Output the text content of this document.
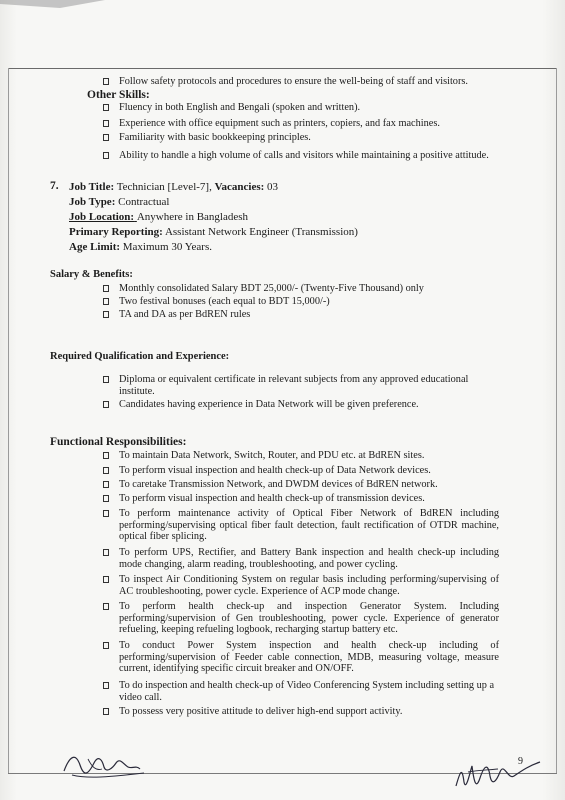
Follow safety protocols and procedures to ensure the well-being of staff and visitors.
Other Skills:
Fluency in both English and Bengali (spoken and written).
Experience with office equipment such as printers, copiers, and fax machines.
Familiarity with basic bookkeeping principles.
Ability to handle a high volume of calls and visitors while maintaining a positive attitude.
7. Job Title: Technician [Level-7], Vacancies: 03
Job Type: Contractual
Job Location: Anywhere in Bangladesh
Primary Reporting: Assistant Network Engineer (Transmission)
Age Limit: Maximum 30 Years.
Salary & Benefits:
Monthly consolidated Salary BDT 25,000/- (Twenty-Five Thousand) only
Two festival bonuses (each equal to BDT 15,000/-)
TA and DA as per BdREN rules
Required Qualification and Experience:
Diploma or equivalent certificate in relevant subjects from any approved educational institute.
Candidates having experience in Data Network will be given preference.
Functional Responsibilities:
To maintain Data Network, Switch, Router, and PDU etc. at BdREN sites.
To perform visual inspection and health check-up of Data Network devices.
To caretake Transmission Network, and DWDM devices of BdREN network.
To perform visual inspection and health check-up of transmission devices.
To perform maintenance activity of Optical Fiber Network of BdREN including performing/supervising optical fiber fault detection, fault rectification of OTDR machine, optical fiber splicing.
To perform UPS, Rectifier, and Battery Bank inspection and health check-up including mode changing, alarm reading, troubleshooting, and power cycling.
To inspect Air Conditioning System on regular basis including performing/supervising of AC troubleshooting, power cycle. Experience of ACP mode change.
To perform health check-up and inspection Generator System. Including performing/supervision of Gen troubleshooting, power cycle. Experience of generator refueling, keeping refueling logbook, recharging startup battery etc.
To conduct Power System inspection and health check-up including of performing/supervision of Feeder cable connection, MDB, measuring voltage, measure current, identifying specific circuit breaker and ON/OFF.
To do inspection and health check-up of Video Conferencing System including setting up a video call.
To possess very positive attitude to deliver high-end support activity.
9
